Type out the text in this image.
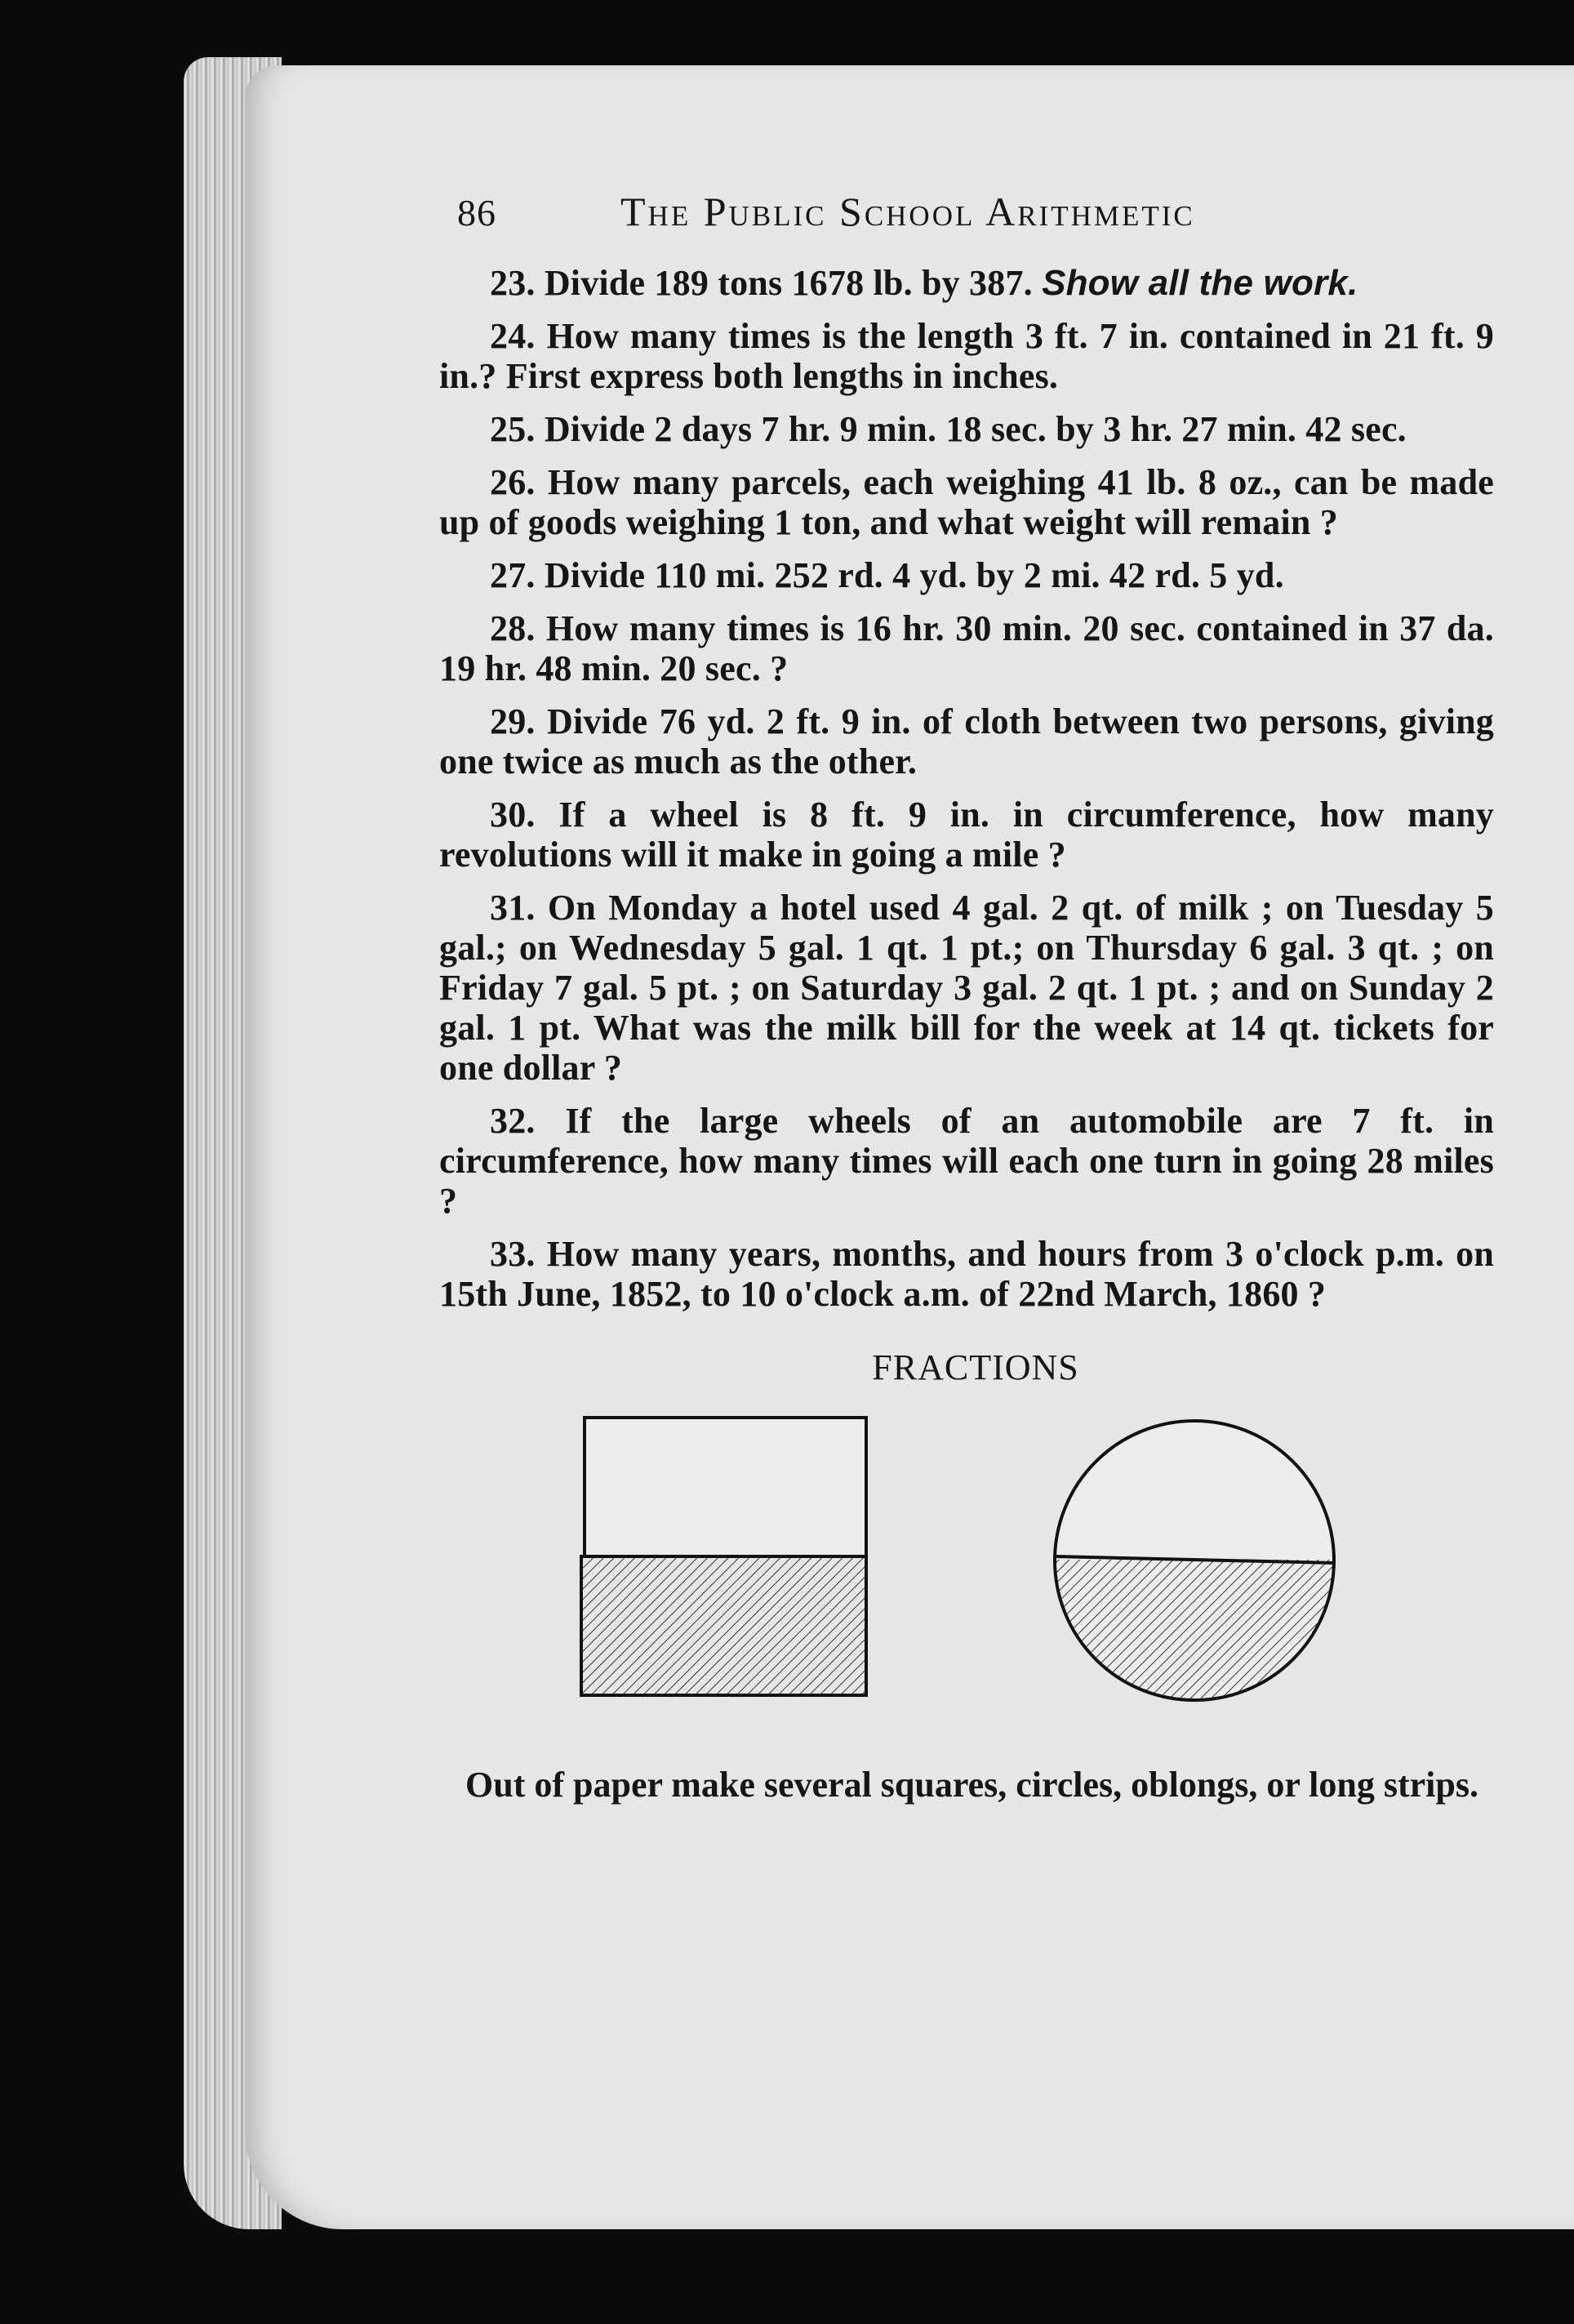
86	The Public School Arithmetic

23. Divide 189 tons 1678 lb. by 387. Show all the work.

24. How many times is the length 3 ft. 7 in. contained in 21 ft. 9 in.? First express both lengths in inches.

25. Divide 2 days 7 hr. 9 min. 18 sec. by 3 hr. 27 min. 42 sec.

26. How many parcels, each weighing 41 lb. 8 oz., can be made up of goods weighing 1 ton, and what weight will remain ?

27. Divide 110 mi. 252 rd. 4 yd. by 2 mi. 42 rd. 5 yd.

28. How many times is 16 hr. 30 min. 20 sec. contained in 37 da. 19 hr. 48 min. 20 sec. ?

29. Divide 76 yd. 2 ft. 9 in. of cloth between two persons, giving one twice as much as the other.

30. If a wheel is 8 ft. 9 in. in circumference, how many revolutions will it make in going a mile ?

31. On Monday a hotel used 4 gal. 2 qt. of milk ; on Tuesday 5 gal.; on Wednesday 5 gal. 1 qt. 1 pt.; on Thursday 6 gal. 3 qt. ; on Friday 7 gal. 5 pt. ; on Saturday 3 gal. 2 qt. 1 pt. ; and on Sunday 2 gal. 1 pt. What was the milk bill for the week at 14 qt. tickets for one dollar ?

32. If the large wheels of an automobile are 7 ft. in circumference, how many times will each one turn in going 28 miles ?

33. How many years, months, and hours from 3 o'clock p.m. on 15th June, 1852, to 10 o'clock a.m. of 22nd March, 1860 ?

FRACTIONS
Out of paper make several squares, circles, oblongs, or long strips.
